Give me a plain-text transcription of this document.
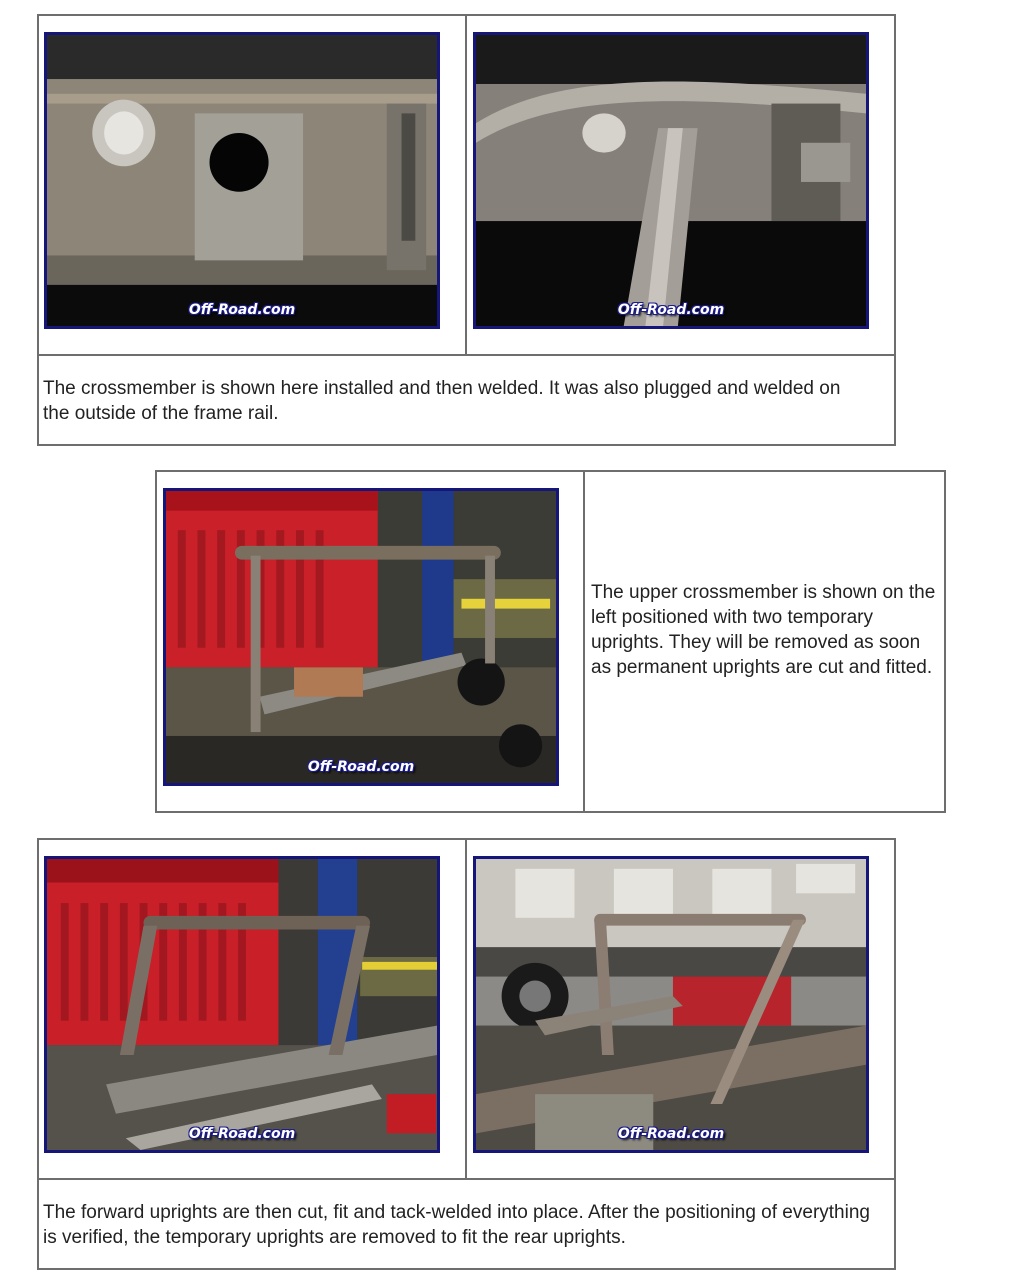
Off-Road.com	Off-Road.com

The crossmember is shown here installed and then welded. It was also plugged and welded on the outside of the frame rail.

Off-Road.com

The upper crossmember is shown on the left positioned with two temporary uprights. They will be removed as soon as permanent uprights are cut and fitted.

Off-Road.com	Off-Road.com

The forward uprights are then cut, fit and tack-welded into place. After the positioning of everything is verified, the temporary uprights are removed to fit the rear uprights.
